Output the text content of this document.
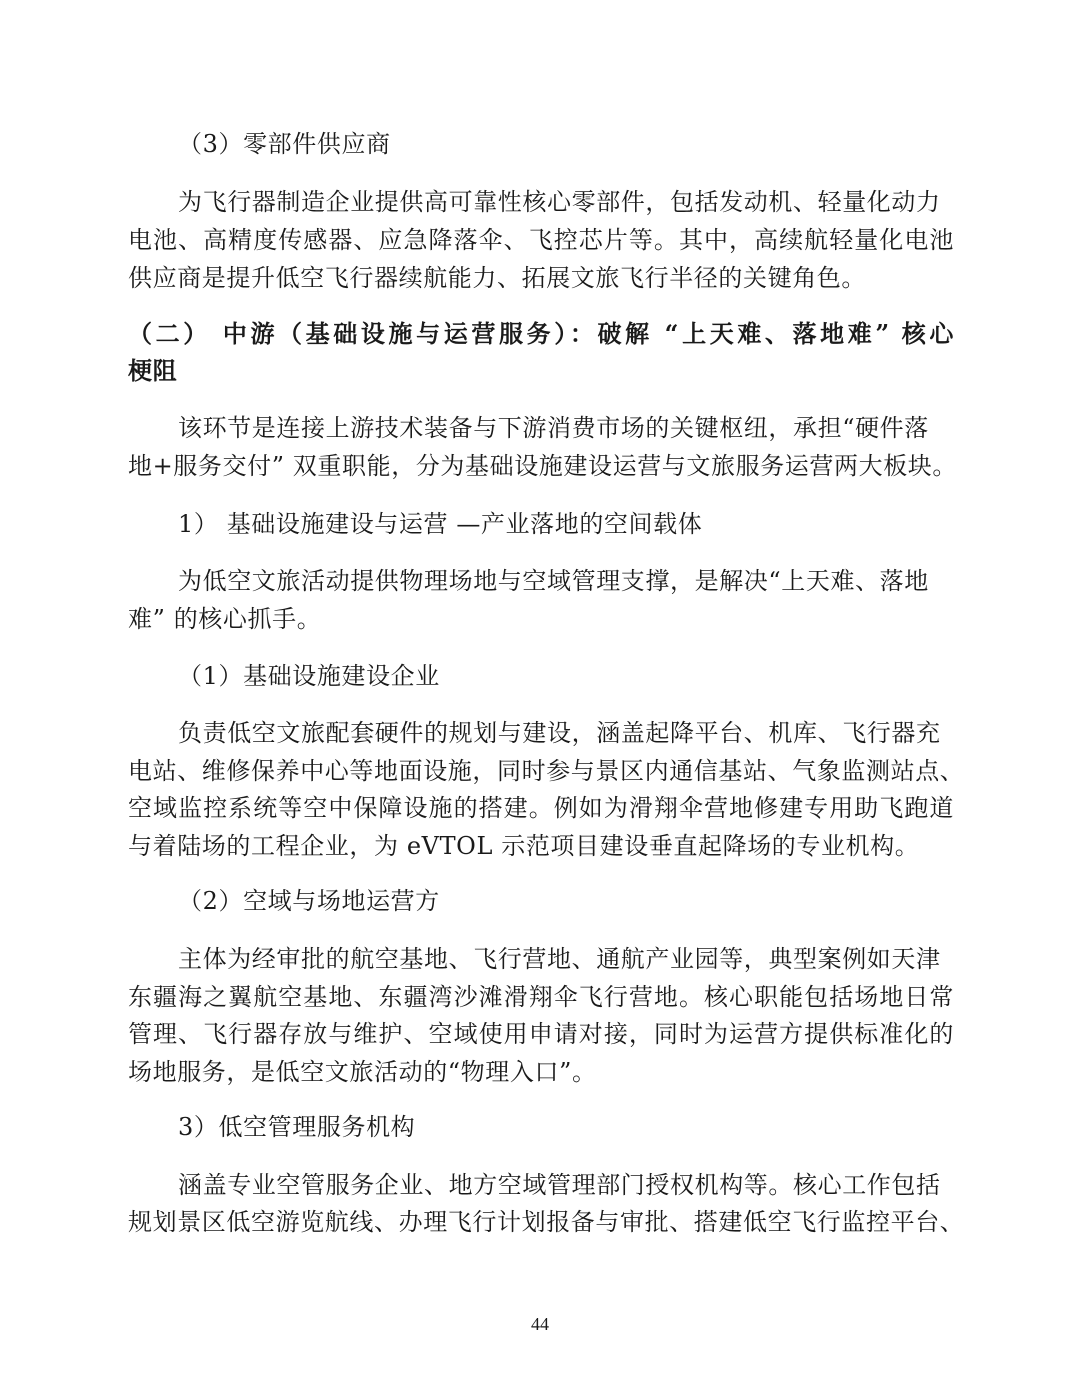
（3）零部件供应商
为飞行器制造企业提供高可靠性核心零部件，包括发动机、轻量化动力
电池、高精度传感器、应急降落伞、飞控芯片等。其中，高续航轻量化电池
供应商是提升低空飞行器续航能力、拓展文旅飞行半径的关键角色。
（二） 中游（基础设施与运营服务）：破解 “上天难、落地难” 核心
梗阻
该环节是连接上游技术装备与下游消费市场的关键枢纽，承担“硬件落
地+服务交付” 双重职能，分为基础设施建设运营与文旅服务运营两大板块。
1） 基础设施建设与运营 —产业落地的空间载体
为低空文旅活动提供物理场地与空域管理支撑，是解决“上天难、落地
难” 的核心抓手。
（1）基础设施建设企业
负责低空文旅配套硬件的规划与建设，涵盖起降平台、机库、飞行器充
电站、维修保养中心等地面设施，同时参与景区内通信基站、气象监测站点、
空域监控系统等空中保障设施的搭建。例如为滑翔伞营地修建专用助飞跑道
与着陆场的工程企业，为 eVTOL 示范项目建设垂直起降场的专业机构。
（2）空域与场地运营方
主体为经审批的航空基地、飞行营地、通航产业园等，典型案例如天津
东疆海之翼航空基地、东疆湾沙滩滑翔伞飞行营地。核心职能包括场地日常
管理、飞行器存放与维护、空域使用申请对接，同时为运营方提供标准化的
场地服务，是低空文旅活动的“物理入口”。
3）低空管理服务机构
涵盖专业空管服务企业、地方空域管理部门授权机构等。核心工作包括
规划景区低空游览航线、办理飞行计划报备与审批、搭建低空飞行监控平台、
44
